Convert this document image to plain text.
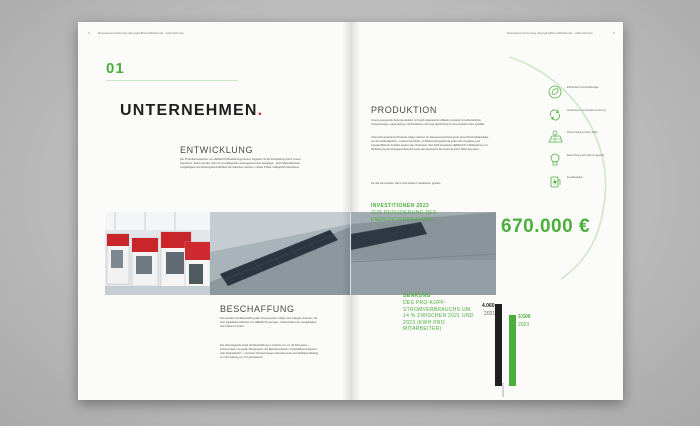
4	Ressourcenschonung. EnergieeffizienzDIAGonal · Unternehmen
01
UNTERNEHMEN.
ENTWICKLUNG
Der Produktionsstandort von HEDELIUS Bearbeitungszentren begleitet mit der Entwicklung durch unsere Ingenieure. Schon werden nicht nur grundlegende Leistungsparameter festgelegt – auch Materialeinsatz, Langlebigkeit und Wartungsfreundlichkeit der Maschine werden in dieser Phase maßgeblich beeinflusst.
BESCHAFFUNG
Die Auswahl und Beschaffung aller Komponenten erfolgt nach strengen Kriterien, die dem Qualitätsverständnis von HEDELIUS genügen. Insbesondere die Langlebigkeit steht dabei im Fokus.
Der überwiegende Anteil der Beschaffung im Umkreis von ca. 50 Kilometern – insbesondere mit großen Baugruppen wie Maschinenbetten, Schweißkonstruktionen oder Spänefördern – minimiert Transportwege und leistet einen unmittelbaren Beitrag zur Vermeidung von CO₂-Emissionen.
Ressourcenschonung. EnergieeffizienzDIAGonal · Unternehmen	5
PRODUKTION
Unsere ausgereifte Serienproduktion mit straff organisierten Abläufen reduziert innerbetriebliche Transportwege, Lagerhaltung und Rüstzeiten und sorgt gleichzeitig für eine konstant hohe Qualität.
Unternehmensinterne Prozesse tragen ebenso zur Ressourcenschonung bei: Eine Photovoltaikanlage auf den Hallendächern, moderne Druckluft- und Beleuchtungstechnik sowie die Umstellung auf energieeffiziente Antriebe senken den Verbrauch. Seit 2023 investierte HEDELIUS in Maßnahmen zur Reduzierung des Energieverbrauchs sowie den Austausch der Heizung durch Wärmepumpen.
Für die kommenden Jahre sind weitere Investitionen geplant.
Effizientere Druckluftanlage
Heizkosten und Abwärmenutzung
Photovoltaik auf dem Dach
Beleuchtung auf LED umgestellt
E-Ladesäulen
INVESTITIONEN 2023
ZUR REDUZIERUNG DES ENERGIEVERBRAUCHS	670.000 €
SENKUNG
DES PRO-KOPF-STROMVERBRAUCHS UM 14 % ZWISCHEN 2021 UND 2023 (KWH PRO MITARBEITER)
4.060
2021
3.500
2023
HEDELIUS
